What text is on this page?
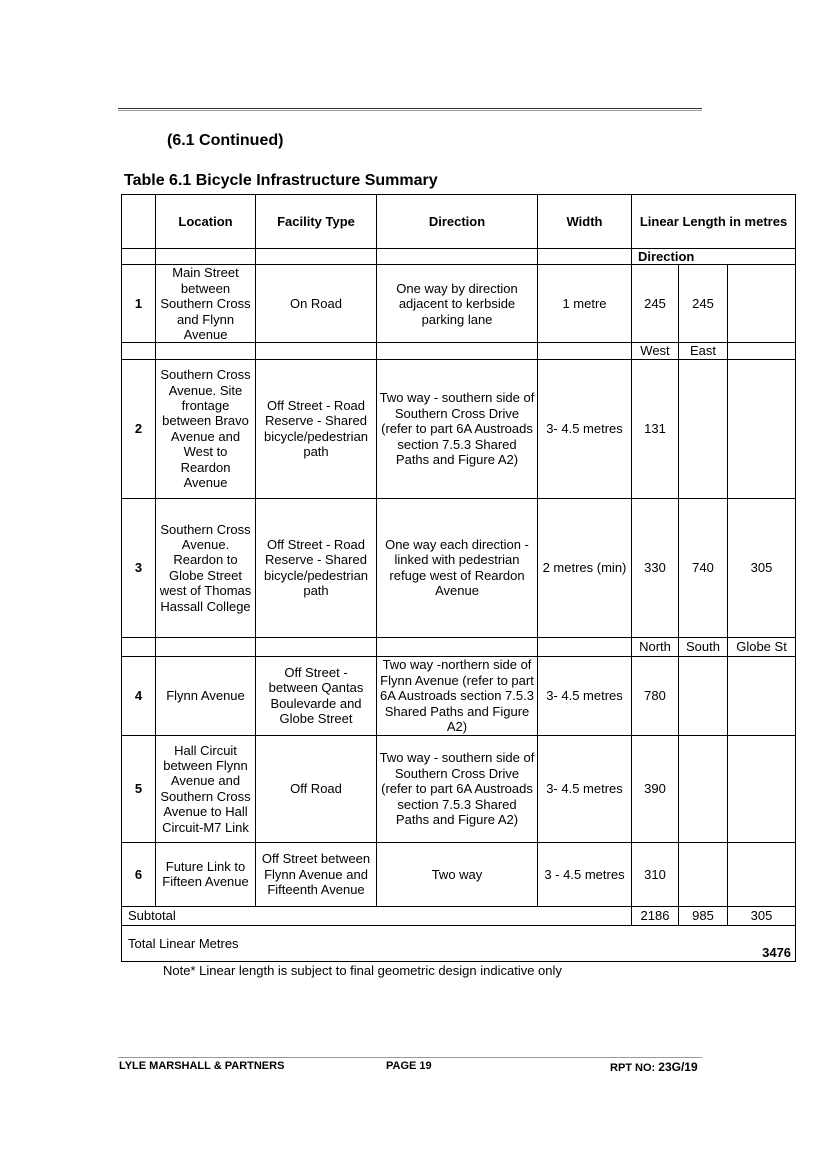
(6.1 Continued)
Table 6.1 Bicycle Infrastructure Summary
	Location	Facility Type	Direction	Width	Linear Length in metres		
					Direction		
1	Main Street between Southern Cross and Flynn Avenue	On Road	One way by direction adjacent to kerbside parking lane	1 metre	245	245	
					West	East	
2	Southern Cross Avenue. Site frontage between Bravo Avenue and West to Reardon Avenue	Off Street - Road Reserve - Shared bicycle/pedestrian path	Two way - southern side of Southern Cross Drive (refer to part 6A Austroads section 7.5.3 Shared Paths and Figure A2)	3- 4.5 metres	131		
3	Southern Cross Avenue. Reardon to Globe Street west of Thomas Hassall College	Off Street - Road Reserve - Shared bicycle/pedestrian path	One way each direction - linked with pedestrian refuge west of Reardon Avenue	2 metres (min)	330	740	305
					North	South	Globe St
4	Flynn Avenue	Off Street - between Qantas Boulevarde and Globe Street	Two way -northern side of Flynn Avenue (refer to part 6A Austroads section 7.5.3 Shared Paths and Figure A2)	3- 4.5 metres	780		
5	Hall Circuit between Flynn Avenue and Southern Cross Avenue to Hall Circuit-M7 Link	Off Road	Two way - southern side of Southern Cross Drive (refer to part 6A Austroads section 7.5.3 Shared Paths and Figure A2)	3- 4.5 metres	390		
6	Future Link to Fifteen Avenue	Off Street between Flynn Avenue and Fifteenth Avenue	Two way	3 - 4.5 metres	310		
Subtotal					2186	985	305
Total Linear Metres		3476					
Note* Linear length is subject to final geometric design indicative only
LYLE MARSHALL & PARTNERS	PAGE 19	RPT NO: 23G/19
